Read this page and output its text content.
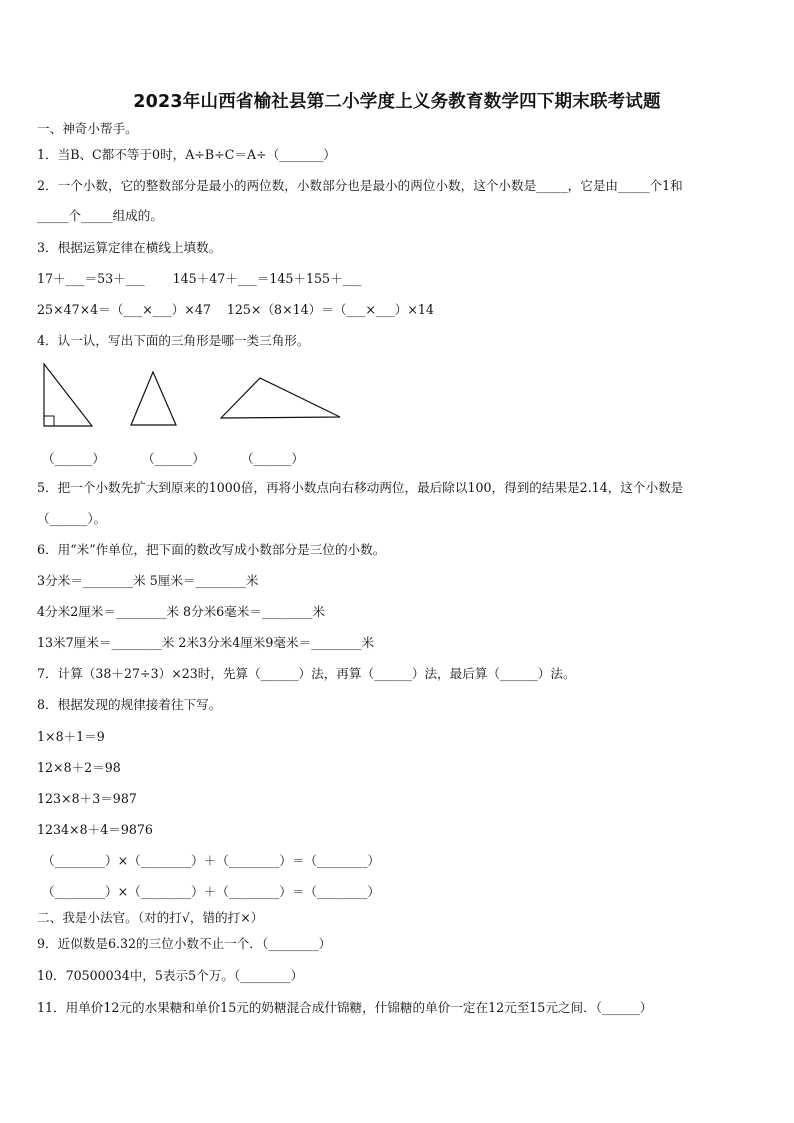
2023年山西省榆社县第二小学度上义务教育数学四下期末联考试题
一、神奇小帮手。
1．当B、C都不等于0时，A÷B÷C＝A÷（_______）
2．一个小数，它的整数部分是最小的两位数，小数部分也是最小的两位小数，这个小数是_____，它是由_____个1和
_____个_____组成的。
3．根据运算定律在横线上填数。
17＋___＝53＋___       145＋47＋___＝145＋155＋___
25×47×4＝（___×___）×47    125×（8×14）＝（___×___）×14
4．认一认，写出下面的三角形是哪一类三角形。
（______）	（______）	（______）
5．把一个小数先扩大到原来的1000倍，再将小数点向右移动两位，最后除以100，得到的结果是2.14，这个小数是
（______）。
6．用“米”作单位，把下面的数改写成小数部分是三位的小数。
3分米＝________米 5厘米＝________米
4分米2厘米＝________米 8分米6毫米＝________米
13米7厘米＝________米 2米3分米4厘米9毫米＝________米
7．计算（38＋27÷3）×23时，先算（______）法，再算（______）法，最后算（______）法。
8．根据发现的规律接着往下写。
1×8＋1＝9
12×8＋2＝98
123×8＋3＝987
1234×8＋4＝9876
（________）×（________）＋（________）＝（________）
（________）×（________）＋（________）＝（________）
二、我是小法官。（对的打√，错的打×）
9．近似数是6.32的三位小数不止一个．（________）
10．70500034中，5表示5个万。（________）
11．用单价12元的水果糖和单价15元的奶糖混合成什锦糖，什锦糖的单价一定在12元至15元之间．（______）
